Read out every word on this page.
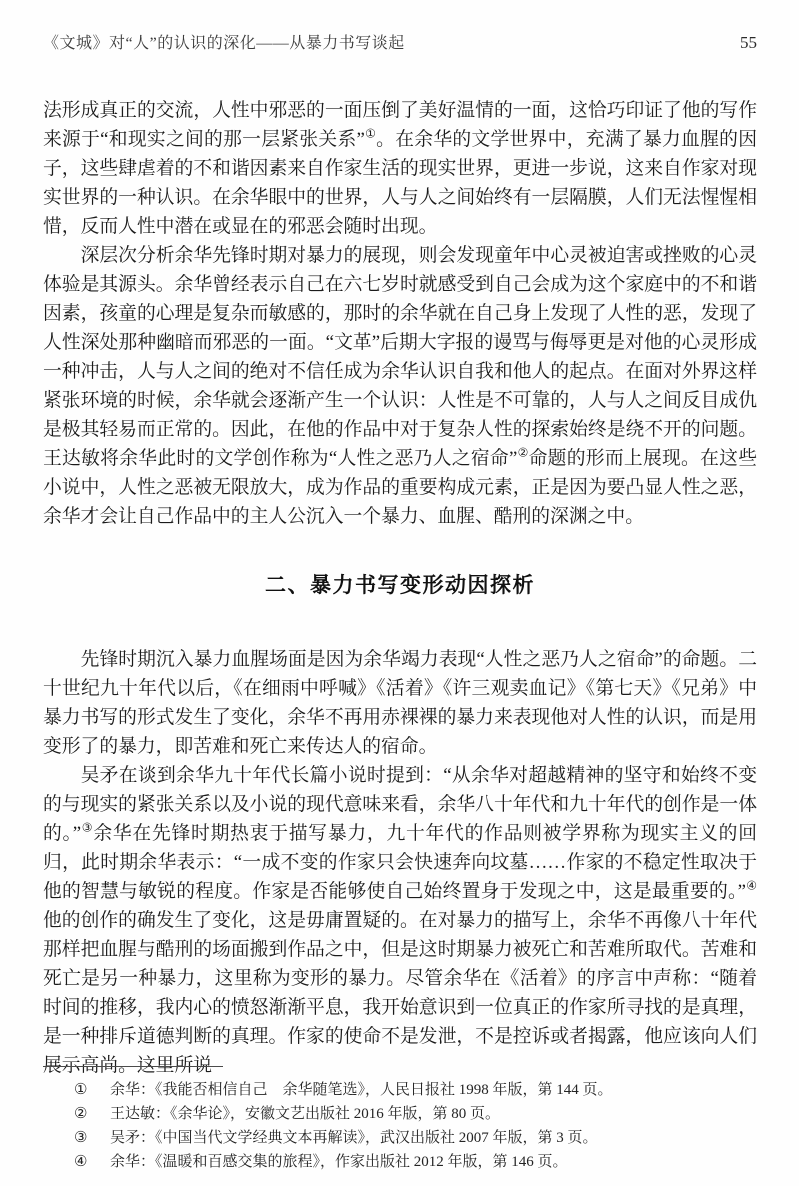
《文城》对“人”的认识的深化——从暴力书写谈起	55

法形成真正的交流，人性中邪恶的一面压倒了美好温情的一面，这恰巧印证了他的写作来源于“和现实之间的那一层紧张关系”①。在余华的文学世界中，充满了暴力血腥的因子，这些肆虐着的不和谐因素来自作家生活的现实世界，更进一步说，这来自作家对现实世界的一种认识。在余华眼中的世界，人与人之间始终有一层隔膜，人们无法惺惺相惜，反而人性中潜在或显在的邪恶会随时出现。

深层次分析余华先锋时期对暴力的展现，则会发现童年中心灵被迫害或挫败的心灵体验是其源头。余华曾经表示自己在六七岁时就感受到自己会成为这个家庭中的不和谐因素，孩童的心理是复杂而敏感的，那时的余华就在自己身上发现了人性的恶，发现了人性深处那种幽暗而邪恶的一面。“文革”后期大字报的谩骂与侮辱更是对他的心灵形成一种冲击，人与人之间的绝对不信任成为余华认识自我和他人的起点。在面对外界这样紧张环境的时候，余华就会逐渐产生一个认识：人性是不可靠的，人与人之间反目成仇是极其轻易而正常的。因此，在他的作品中对于复杂人性的探索始终是绕不开的问题。王达敏将余华此时的文学创作称为“人性之恶乃人之宿命”②命题的形而上展现。在这些小说中，人性之恶被无限放大，成为作品的重要构成元素，正是因为要凸显人性之恶，余华才会让自己作品中的主人公沉入一个暴力、血腥、酷刑的深渊之中。

二、暴力书写变形动因探析

先锋时期沉入暴力血腥场面是因为余华竭力表现“人性之恶乃人之宿命”的命题。二十世纪九十年代以后，《在细雨中呼喊》《活着》《许三观卖血记》《第七天》《兄弟》中暴力书写的形式发生了变化，余华不再用赤裸裸的暴力来表现他对人性的认识，而是用变形了的暴力，即苦难和死亡来传达人的宿命。

吴矛在谈到余华九十年代长篇小说时提到：“从余华对超越精神的坚守和始终不变的与现实的紧张关系以及小说的现代意味来看，余华八十年代和九十年代的创作是一体的。”③余华在先锋时期热衷于描写暴力，九十年代的作品则被学界称为现实主义的回归，此时期余华表示：“一成不变的作家只会快速奔向坟墓……作家的不稳定性取决于他的智慧与敏锐的程度。作家是否能够使自己始终置身于发现之中，这是最重要的。”④他的创作的确发生了变化，这是毋庸置疑的。在对暴力的描写上，余华不再像八十年代那样把血腥与酷刑的场面搬到作品之中，但是这时期暴力被死亡和苦难所取代。苦难和死亡是另一种暴力，这里称为变形的暴力。尽管余华在《活着》的序言中声称：“随着时间的推移，我内心的愤怒渐渐平息，我开始意识到一位真正的作家所寻找的是真理，是一种排斥道德判断的真理。作家的使命不是发泄，不是控诉或者揭露，他应该向人们展示高尚。这里所说

①	余华：《我能否相信自己　余华随笔选》，人民日报社 1998 年版，第 144 页。
②	王达敏：《余华论》，安徽文艺出版社 2016 年版，第 80 页。
③	吴矛：《中国当代文学经典文本再解读》，武汉出版社 2007 年版，第 3 页。
④	余华：《温暖和百感交集的旅程》，作家出版社 2012 年版，第 146 页。
